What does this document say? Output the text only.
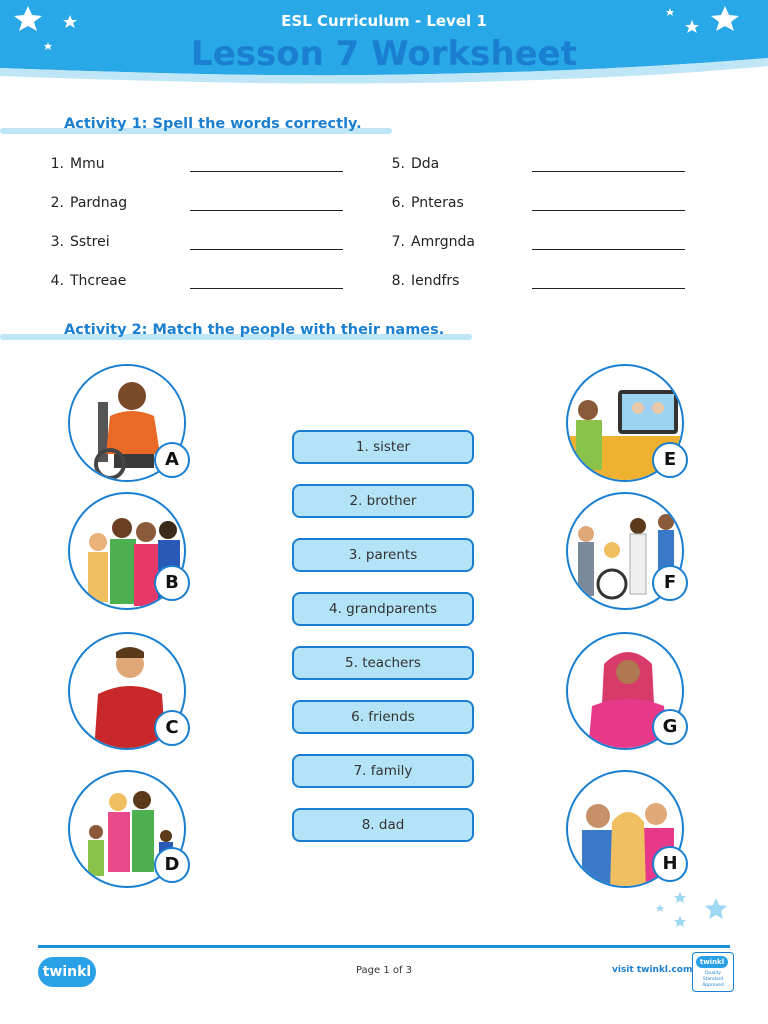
ESL Curriculum - Level 1
Lesson 7 Worksheet
Activity 1: Spell the words correctly.
1. Mmu
2. Pardnag
3. Sstrei
4. Thcreae
5. Dda
6. Pnteras
7. Amrgnda
8. Iendfrs
Activity 2: Match the people with their names.
A
B
C
D
E
F
G
H
1. sister
2. brother
3. parents
4. grandparents
5. teachers
6. friends
7. family
8. dad
twinkl	Page 1 of 3	visit twinkl.com
twinkl
Quality Standard Approved
